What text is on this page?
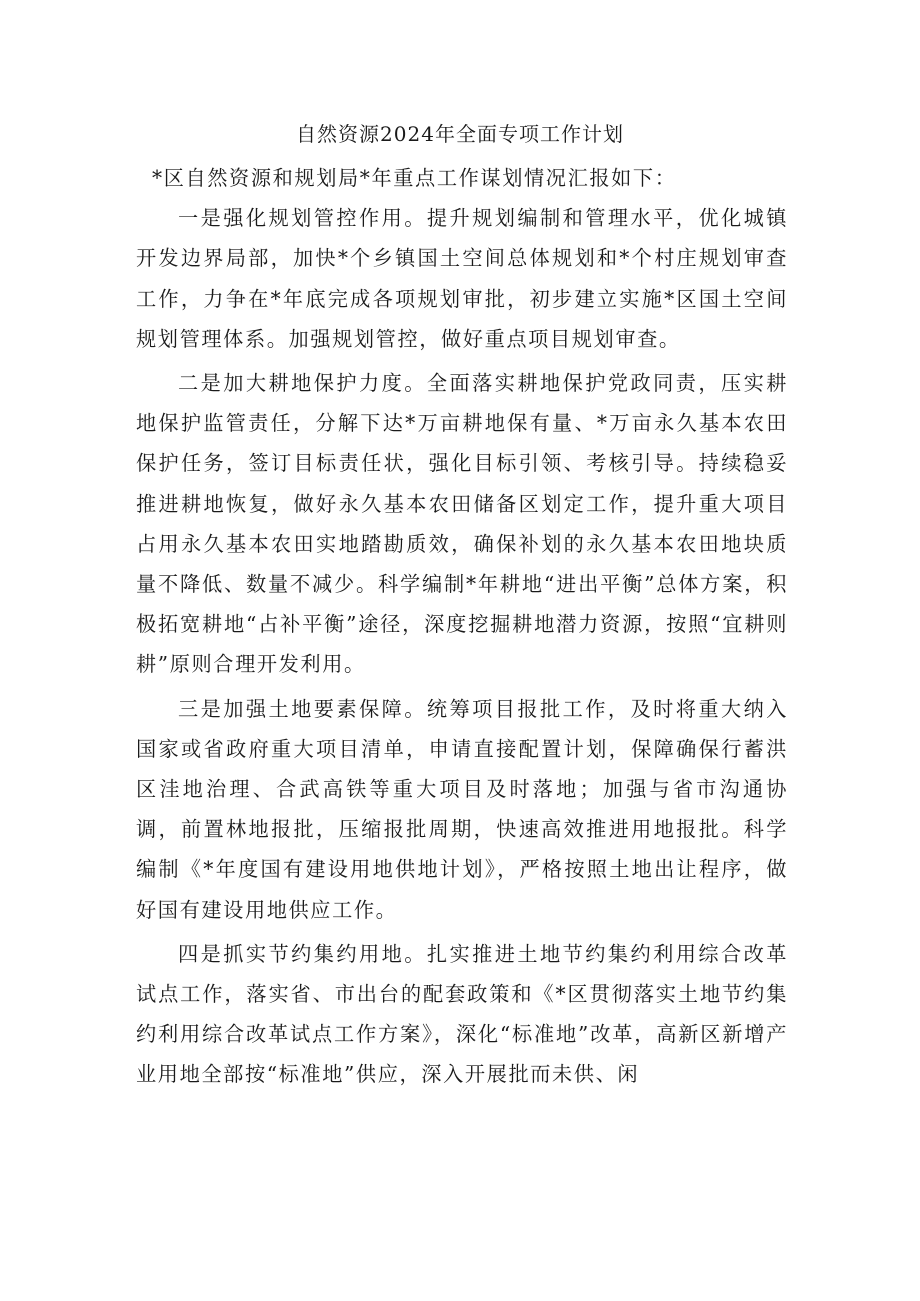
自然资源2024年全面专项工作计划

*区自然资源和规划局*年重点工作谋划情况汇报如下：

一是强化规划管控作用。提升规划编制和管理水平，优化城镇开发边界局部，加快*个乡镇国土空间总体规划和*个村庄规划审查工作，力争在*年底完成各项规划审批，初步建立实施*区国土空间规划管理体系。加强规划管控，做好重点项目规划审查。

二是加大耕地保护力度。全面落实耕地保护党政同责，压实耕地保护监管责任，分解下达*万亩耕地保有量、*万亩永久基本农田保护任务，签订目标责任状，强化目标引领、考核引导。持续稳妥推进耕地恢复，做好永久基本农田储备区划定工作，提升重大项目占用永久基本农田实地踏勘质效，确保补划的永久基本农田地块质量不降低、数量不减少。科学编制*年耕地“进出平衡”总体方案，积极拓宽耕地“占补平衡”途径，深度挖掘耕地潜力资源，按照“宜耕则耕”原则合理开发利用。

三是加强土地要素保障。统筹项目报批工作，及时将重大纳入国家或省政府重大项目清单，申请直接配置计划，保障确保行蓄洪区洼地治理、合武高铁等重大项目及时落地；加强与省市沟通协调，前置林地报批，压缩报批周期，快速高效推进用地报批。科学编制《*年度国有建设用地供地计划》，严格按照土地出让程序，做好国有建设用地供应工作。

四是抓实节约集约用地。扎实推进土地节约集约利用综合改革试点工作，落实省、市出台的配套政策和《*区贯彻落实土地节约集约利用综合改革试点工作方案》，深化“标准地”改革，高新区新增产业用地全部按“标准地”供应，深入开展批而未供、闲
